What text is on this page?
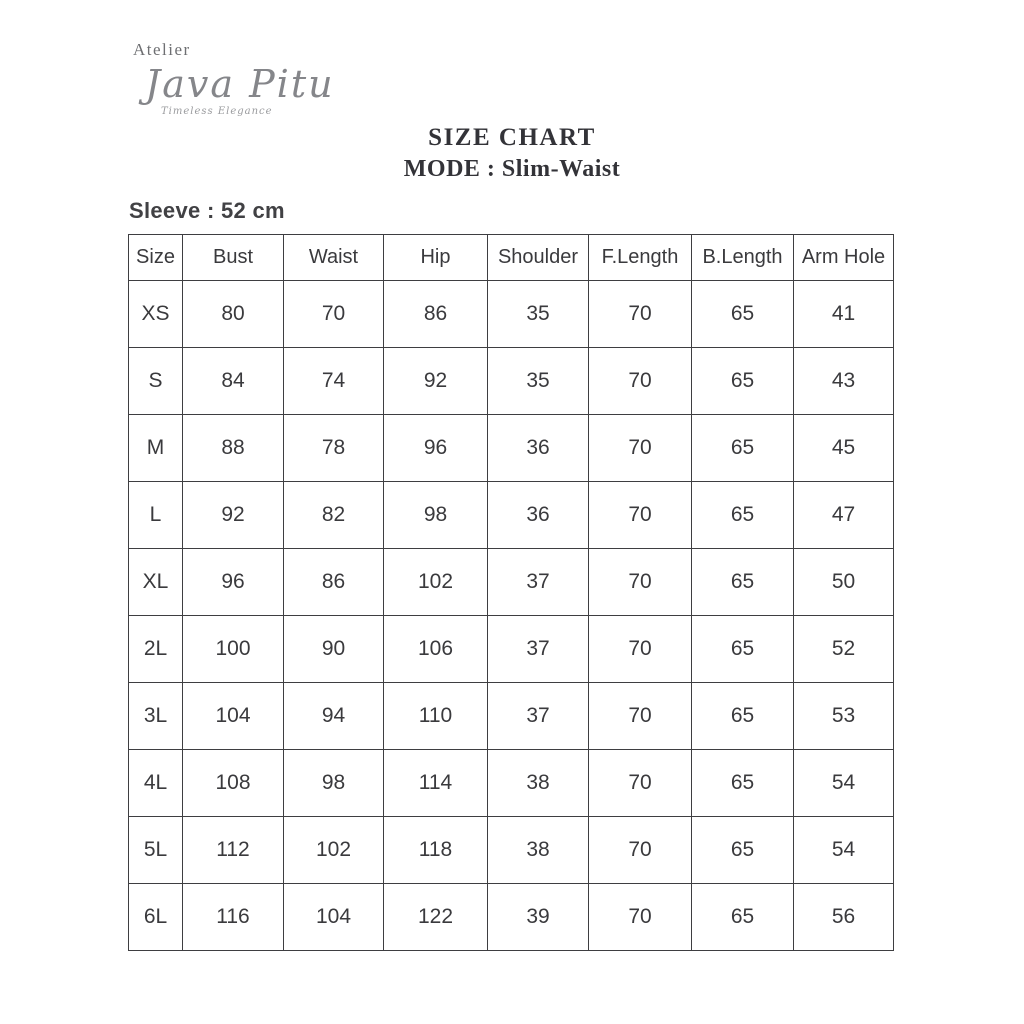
Atelier
Java Pitu
Timeless Elegance
SIZE CHART
MODE : Slim-Waist
Sleeve : 52 cm
Size	Bust	Waist	Hip	Shoulder	F.Length	B.Length	Arm Hole
XS	80	70	86	35	70	65	41
S	84	74	92	35	70	65	43
M	88	78	96	36	70	65	45
L	92	82	98	36	70	65	47
XL	96	86	102	37	70	65	50
2L	100	90	106	37	70	65	52
3L	104	94	110	37	70	65	53
4L	108	98	114	38	70	65	54
5L	112	102	118	38	70	65	54
6L	116	104	122	39	70	65	56
